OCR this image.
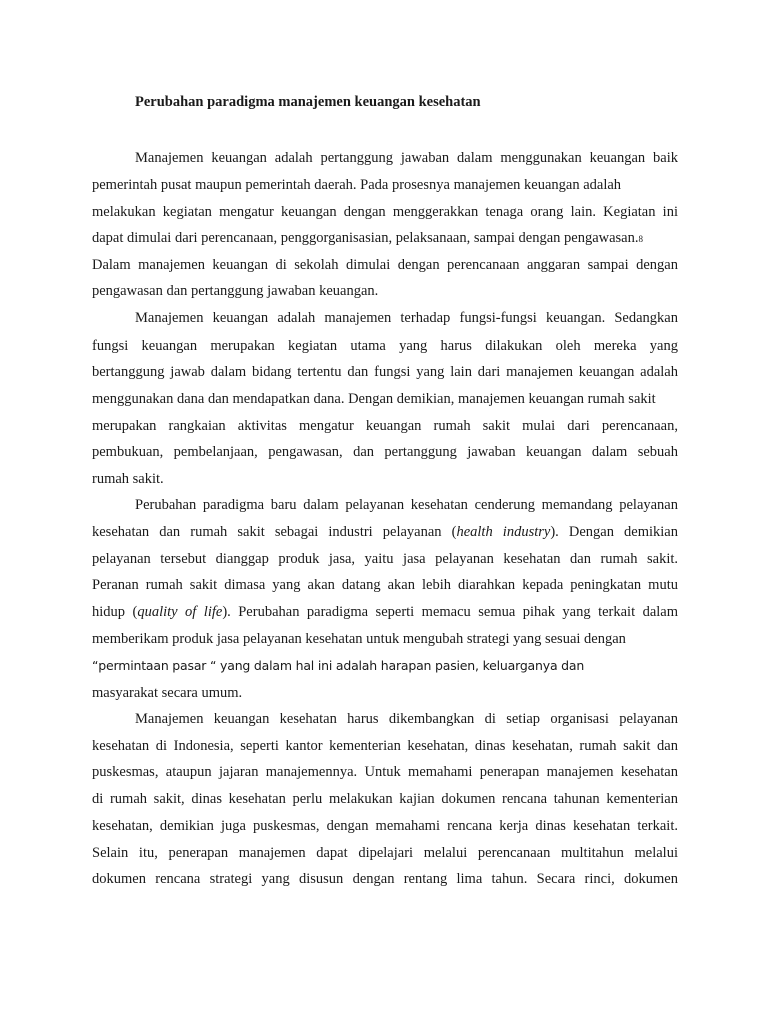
Perubahan paradigma manajemen keuangan kesehatan
Manajemen keuangan adalah pertanggung jawaban dalam menggunakan keuangan baik
pemerintah pusat maupun pemerintah daerah. Pada prosesnya manajemen keuangan adalah
melakukan kegiatan mengatur keuangan dengan menggerakkan tenaga orang lain. Kegiatan ini
dapat dimulai dari perencanaan, penggorganisasian, pelaksanaan, sampai dengan pengawasan.8
Dalam manajemen keuangan di sekolah dimulai dengan perencanaan anggaran sampai dengan
pengawasan dan pertanggung jawaban keuangan.
Manajemen keuangan adalah manajemen terhadap fungsi-fungsi keuangan. Sedangkan
fungsi keuangan merupakan kegiatan utama yang harus dilakukan oleh mereka yang
bertanggung jawab dalam bidang tertentu dan fungsi yang lain dari manajemen keuangan adalah
menggunakan dana dan mendapatkan dana. Dengan demikian, manajemen keuangan rumah sakit
merupakan rangkaian aktivitas mengatur keuangan rumah sakit mulai dari perencanaan,
pembukuan, pembelanjaan, pengawasan, dan pertanggung jawaban keuangan dalam sebuah
rumah sakit.
Perubahan paradigma baru dalam pelayanan kesehatan cenderung memandang pelayanan
kesehatan dan rumah sakit sebagai industri pelayanan (health industry). Dengan demikian
pelayanan tersebut dianggap produk jasa, yaitu jasa pelayanan kesehatan dan rumah sakit.
Peranan rumah sakit dimasa yang akan datang akan lebih diarahkan kepada peningkatan mutu
hidup (quality of life). Perubahan paradigma seperti memacu semua pihak yang terkait dalam
memberikam produk jasa pelayanan kesehatan untuk mengubah strategi yang sesuai dengan
“permintaan pasar “ yang dalam hal ini adalah harapan pasien, keluarganya dan
masyarakat secara umum.
Manajemen keuangan kesehatan harus dikembangkan di setiap organisasi pelayanan
kesehatan di Indonesia, seperti kantor kementerian kesehatan, dinas kesehatan, rumah sakit dan
puskesmas, ataupun jajaran manajemennya. Untuk memahami penerapan manajemen kesehatan
di rumah sakit, dinas kesehatan perlu melakukan kajian dokumen rencana tahunan kementerian
kesehatan, demikian juga puskesmas, dengan memahami rencana kerja dinas kesehatan terkait.
Selain itu, penerapan manajemen dapat dipelajari melalui perencanaan multitahun melalui
dokumen rencana strategi yang disusun dengan rentang lima tahun. Secara rinci, dokumen
